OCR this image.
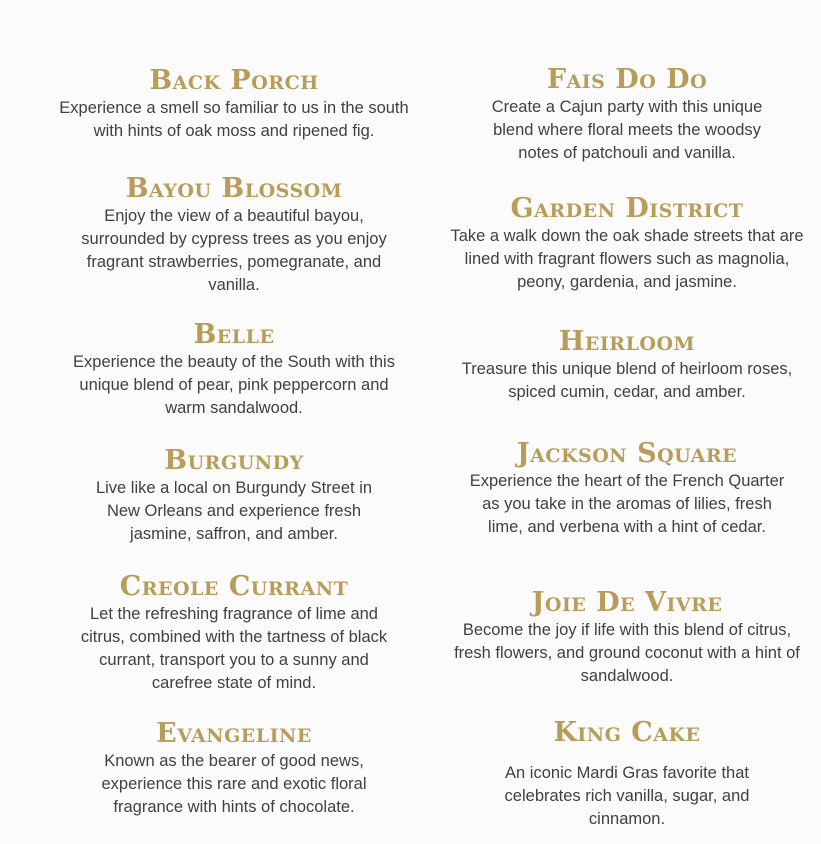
Back Porch
Experience a smell so familiar to us in the south with hints of oak moss and ripened fig.
Bayou Blossom
Enjoy the view of a beautiful bayou, surrounded by cypress trees as you enjoy fragrant strawberries, pomegranate, and vanilla.
Belle
Experience the beauty of the South with this unique blend of pear, pink peppercorn and warm sandalwood.
Burgundy
Live like a local on Burgundy Street in New Orleans and experience fresh jasmine, saffron, and amber.
Creole Currant
Let the refreshing fragrance of lime and citrus, combined with the tartness of black currant, transport you to a sunny and carefree state of mind.
Evangeline
Known as the bearer of good news, experience this rare and exotic floral fragrance with hints of chocolate.
Fais Do Do
Create a Cajun party with this unique blend where floral meets the woodsy notes of patchouli and vanilla.
Garden District
Take a walk down the oak shade streets that are lined with fragrant flowers such as magnolia, peony, gardenia, and jasmine.
Heirloom
Treasure this unique blend of heirloom roses, spiced cumin, cedar, and amber.
Jackson Square
Experience the heart of the French Quarter as you take in the aromas of lilies, fresh lime, and verbena with a hint of cedar.
Joie De Vivre
Become the joy if life with this blend of citrus, fresh flowers, and ground coconut with a hint of sandalwood.
King Cake
An iconic Mardi Gras favorite that celebrates rich vanilla, sugar, and cinnamon.
